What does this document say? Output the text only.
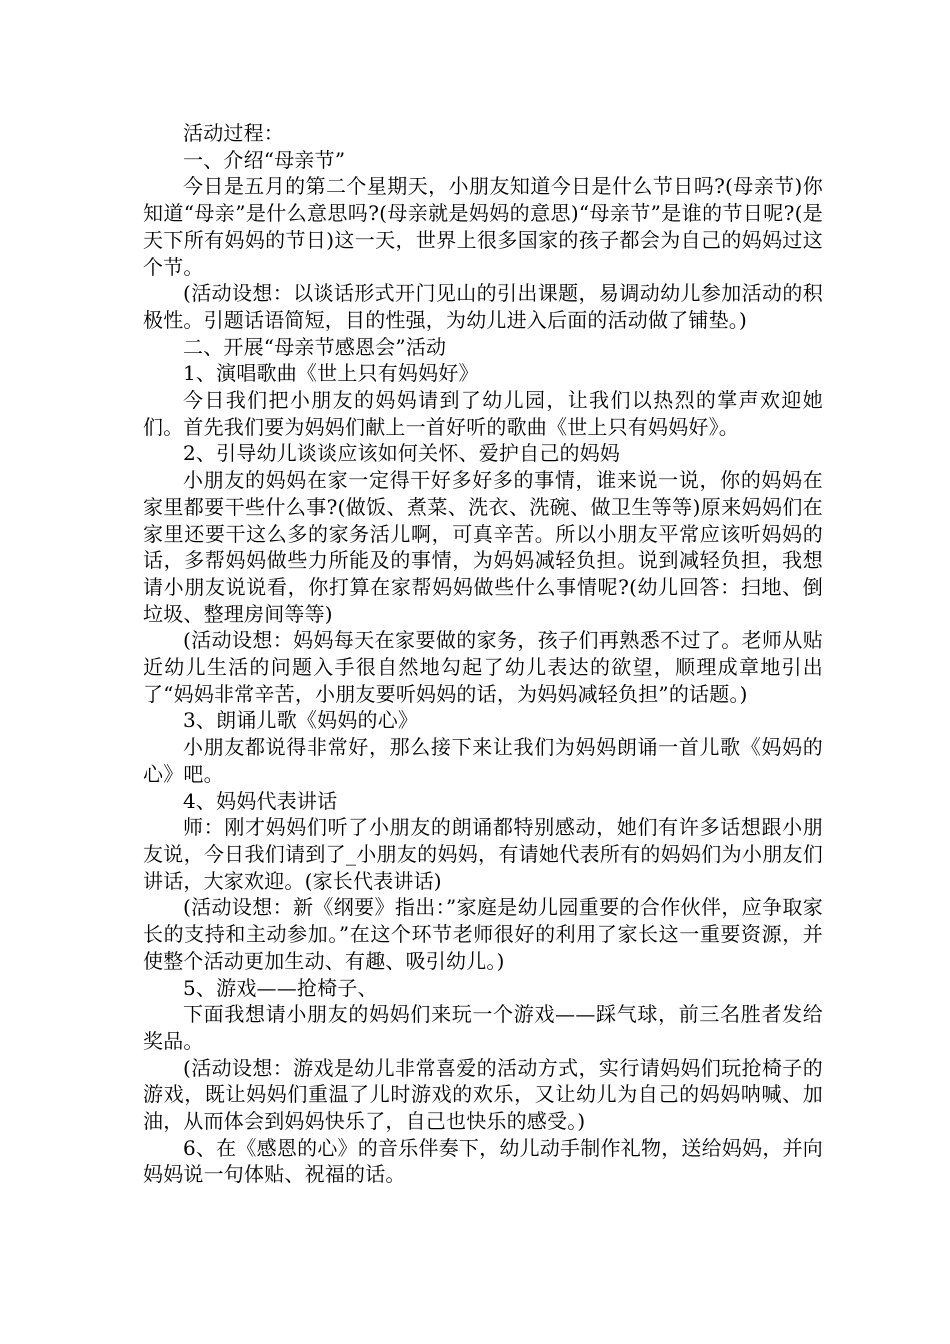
活动过程：

一、介绍“母亲节”

今日是五月的第二个星期天，小朋友知道今日是什么节日吗?(母亲节)你知道“母亲”是什么意思吗?(母亲就是妈妈的意思)“母亲节”是谁的节日呢?(是天下所有妈妈的节日)这一天，世界上很多国家的孩子都会为自己的妈妈过这个节。

(活动设想：以谈话形式开门见山的引出课题，易调动幼儿参加活动的积极性。引题话语简短，目的性强，为幼儿进入后面的活动做了铺垫。)

二、开展“母亲节感恩会”活动

1、演唱歌曲《世上只有妈妈好》

今日我们把小朋友的妈妈请到了幼儿园，让我们以热烈的掌声欢迎她们。首先我们要为妈妈们献上一首好听的歌曲《世上只有妈妈好》。

2、引导幼儿谈谈应该如何关怀、爱护自己的妈妈

小朋友的妈妈在家一定得干好多好多的事情，谁来说一说，你的妈妈在家里都要干些什么事?(做饭、煮菜、洗衣、洗碗、做卫生等等)原来妈妈们在家里还要干这么多的家务活儿啊，可真辛苦。所以小朋友平常应该听妈妈的话，多帮妈妈做些力所能及的事情，为妈妈减轻负担。说到减轻负担，我想请小朋友说说看，你打算在家帮妈妈做些什么事情呢?(幼儿回答：扫地、倒垃圾、整理房间等等)

(活动设想：妈妈每天在家要做的家务，孩子们再熟悉不过了。老师从贴近幼儿生活的问题入手很自然地勾起了幼儿表达的欲望，顺理成章地引出了“妈妈非常辛苦，小朋友要听妈妈的话，为妈妈减轻负担”的话题。)

3、朗诵儿歌《妈妈的心》

小朋友都说得非常好，那么接下来让我们为妈妈朗诵一首儿歌《妈妈的心》吧。

4、妈妈代表讲话

师：刚才妈妈们听了小朋友的朗诵都特别感动，她们有许多话想跟小朋友说，今日我们请到了_小朋友的妈妈，有请她代表所有的妈妈们为小朋友们讲话，大家欢迎。(家长代表讲话)

(活动设想：新《纲要》指出：”家庭是幼儿园重要的合作伙伴，应争取家长的支持和主动参加。”在这个环节老师很好的利用了家长这一重要资源，并使整个活动更加生动、有趣、吸引幼儿。)

5、游戏——抢椅子、

下面我想请小朋友的妈妈们来玩一个游戏——踩气球，前三名胜者发给奖品。

(活动设想：游戏是幼儿非常喜爱的活动方式，实行请妈妈们玩抢椅子的游戏，既让妈妈们重温了儿时游戏的欢乐，又让幼儿为自己的妈妈呐喊、加油，从而体会到妈妈快乐了，自己也快乐的感受。)

6、在《感恩的心》的音乐伴奏下，幼儿动手制作礼物，送给妈妈，并向妈妈说一句体贴、祝福的话。
